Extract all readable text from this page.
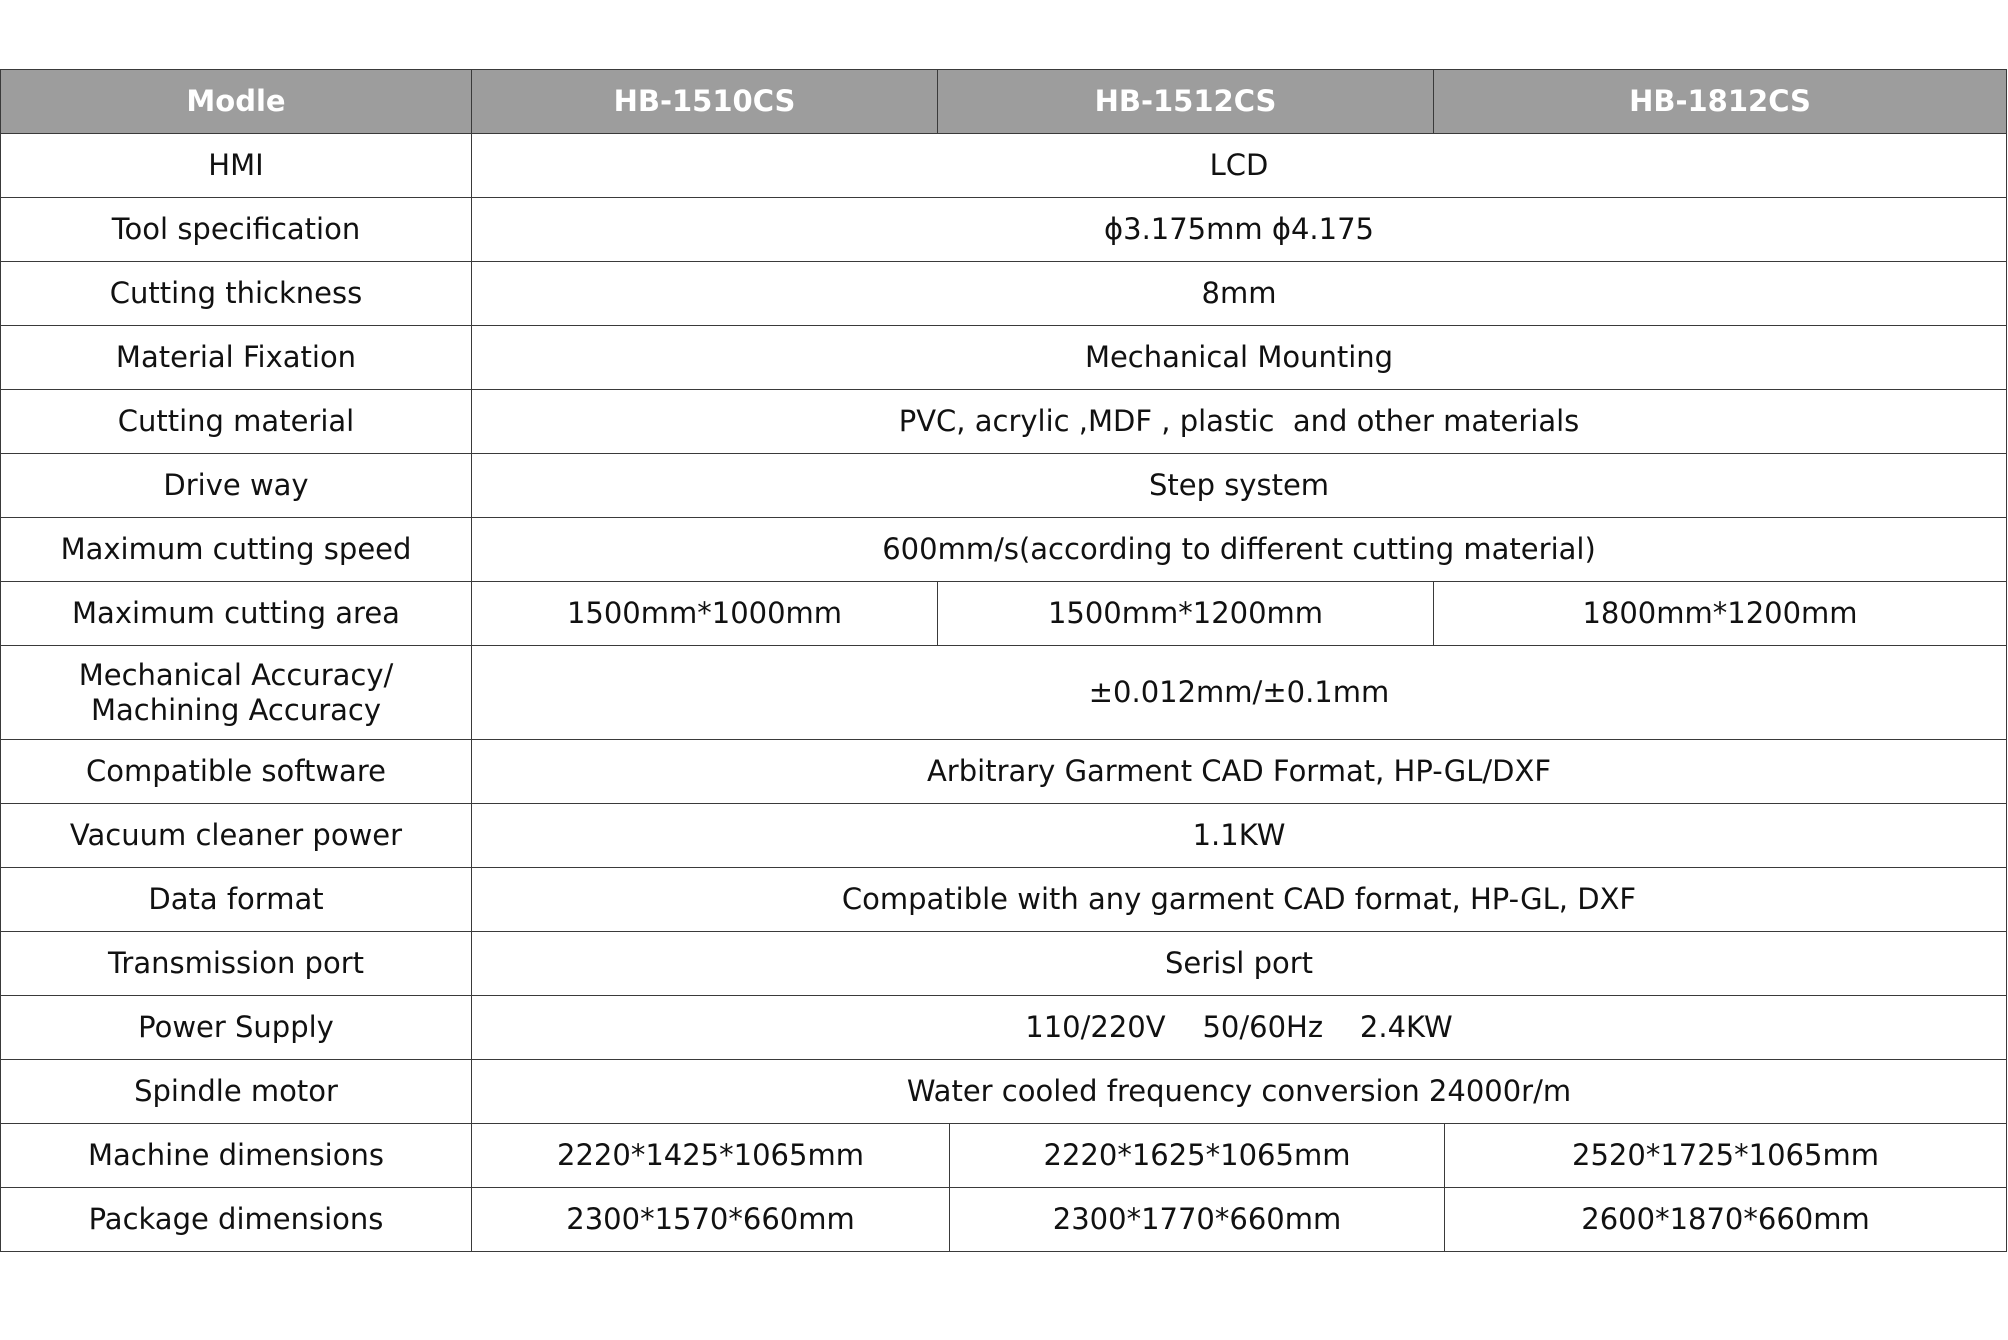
Modle	HB-1510CS	HB-1512CS		HB-1812CS	
HMI	LCD				
Tool specification	ϕ3.175mm ϕ4.175				
Cutting thickness	8mm				
Material Fixation	Mechanical Mounting				
Cutting material	PVC, acrylic ,MDF , plastic  and other materials				
Drive way	Step system				
Maximum cutting speed	600mm/s(according to different cutting material)				
Maximum cutting area	1500mm*1000mm	1500mm*1200mm		1800mm*1200mm	

Mechanical Accuracy/
Machining Accuracy	±0.012mm/±0.1mm				
Compatible software	Arbitrary Garment CAD Format, HP-GL/DXF				
Vacuum cleaner power	1.1KW				
Data format	Compatible with any garment CAD format, HP-GL, DXF				
Transmission port	Serisl port				
Power Supply	110/220V    50/60Hz    2.4KW				
Spindle motor	Water cooled frequency conversion 24000r/m				
Machine dimensions	2220*1425*1065mm		2220*1625*1065mm		2520*1725*1065mm
Package dimensions	2300*1570*660mm		2300*1770*660mm		2600*1870*660mm
